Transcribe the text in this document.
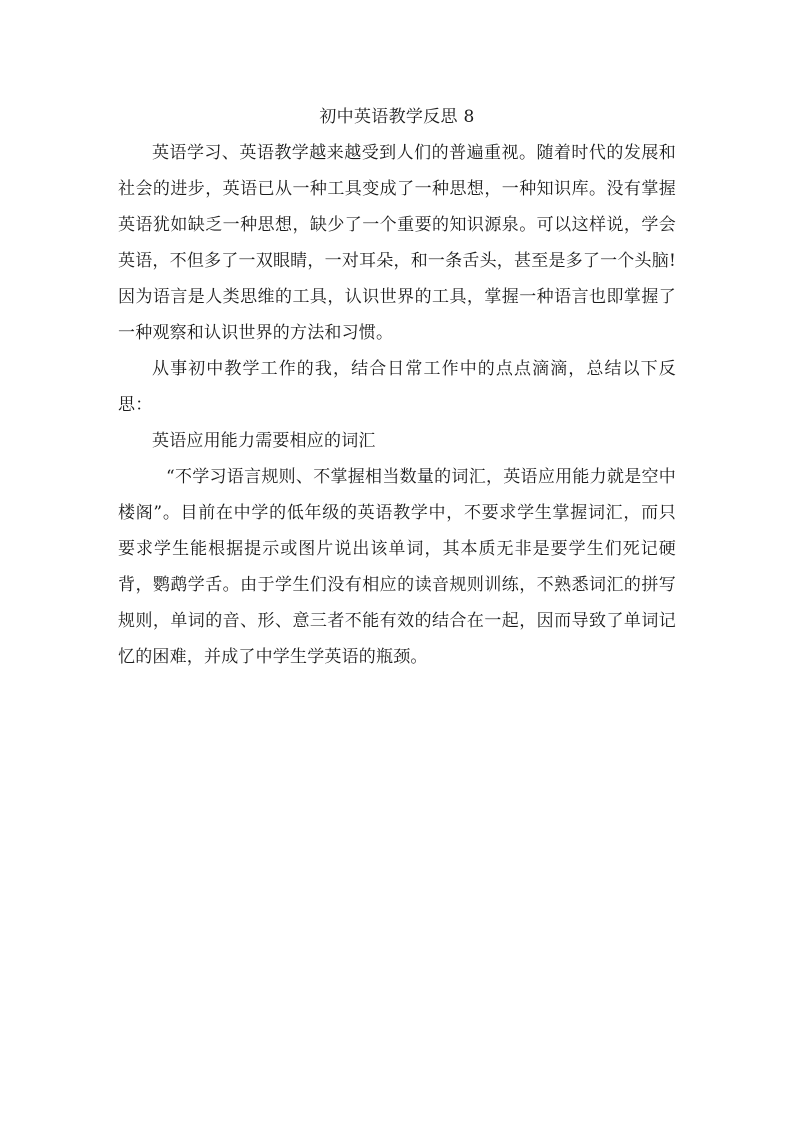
初中英语教学反思 8

英语学习、英语教学越来越受到人们的普遍重视。随着时代的发展和社会的进步，英语已从一种工具变成了一种思想，一种知识库。没有掌握英语犹如缺乏一种思想，缺少了一个重要的知识源泉。可以这样说，学会英语，不但多了一双眼睛，一对耳朵，和一条舌头，甚至是多了一个头脑!因为语言是人类思维的工具，认识世界的工具，掌握一种语言也即掌握了一种观察和认识世界的方法和习惯。

从事初中教学工作的我，结合日常工作中的点点滴滴，总结以下反思：

英语应用能力需要相应的词汇

“不学习语言规则、不掌握相当数量的词汇，英语应用能力就是空中楼阁”。目前在中学的低年级的英语教学中，不要求学生掌握词汇，而只要求学生能根据提示或图片说出该单词，其本质无非是要学生们死记硬背，鹦鹉学舌。由于学生们没有相应的读音规则训练，不熟悉词汇的拼写规则，单词的音、形、意三者不能有效的结合在一起，因而导致了单词记忆的困难，并成了中学生学英语的瓶颈。
